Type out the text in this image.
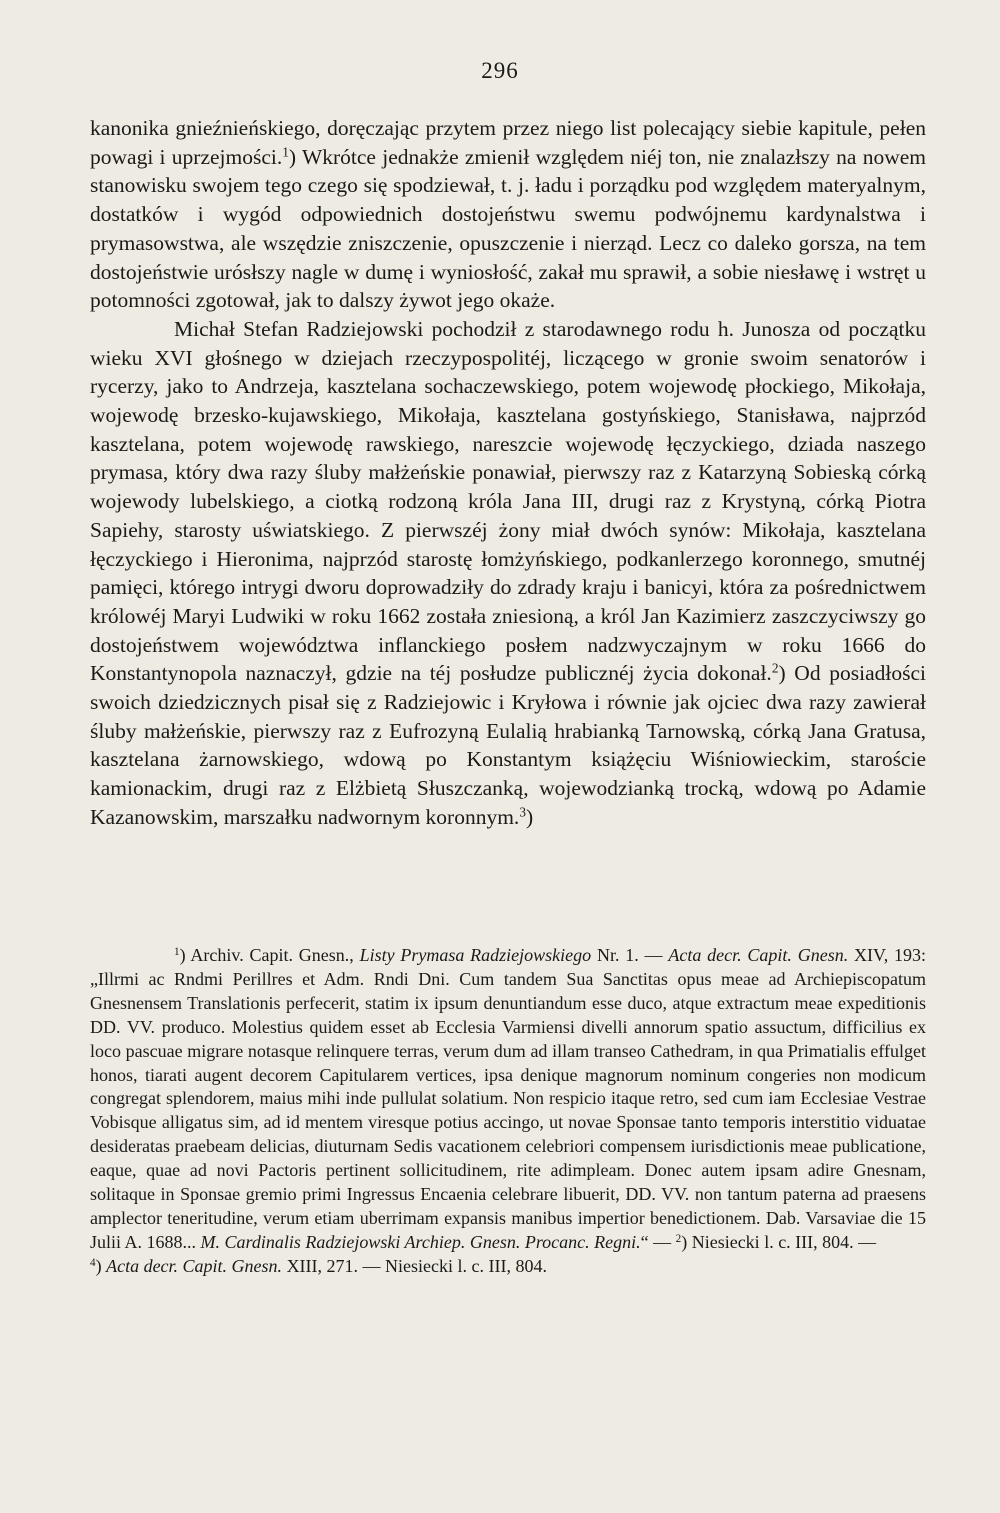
296

kanonika gnieźnieńskiego, doręczając przytem przez niego list polecający siebie kapitule, pełen powagi i uprzejmości.$^1$) Wkrótce jednakże zmienił względem niéj ton, nie znalazłszy na nowem stanowisku swojem tego czego się spodziewał, t. j. ładu i porządku pod względem materyalnym, dostatków i wygód odpowiednich dostojeństwu swemu podwójnemu kardynalstwa i prymasowstwa, ale wszędzie zniszczenie, opuszczenie i nierząd. Lecz co daleko gorsza, na tem dostojeństwie urósłszy nagle w dumę i wyniosłość, zakał mu sprawił, a sobie niesławę i wstręt u potomności zgotował, jak to dalszy żywot jego okaże.

Michał Stefan Radziejowski pochodził z starodawnego rodu h. Junosza od początku wieku XVI głośnego w dziejach rzeczypospolitéj, liczącego w gronie swoim senatorów i rycerzy, jako to Andrzeja, kasztelana sochaczewskiego, potem wojewodę płockiego, Mikołaja, wojewodę brzesko-kujawskiego, Mikołaja, kasztelana gostyńskiego, Stanisława, najprzód kasztelana, potem wojewodę rawskiego, nareszcie wojewodę łęczyckiego, dziada naszego prymasa, który dwa razy śluby małżeńskie ponawiał, pierwszy raz z Katarzyną Sobieską córką wojewody lubelskiego, a ciotką rodzoną króla Jana III, drugi raz z Krystyną, córką Piotra Sapiehy, starosty uświatskiego. Z pierwszéj żony miał dwóch synów: Mikołaja, kasztelana łęczyckiego i Hieronima, najprzód starostę łomżyńskiego, podkanlerzego koronnego, smutnéj pamięci, którego intrygi dworu doprowadziły do zdrady kraju i banicyi, która za pośrednictwem królowéj Maryi Ludwiki w roku 1662 została zniesioną, a król Jan Kazimierz zaszczyciwszy go dostojeństwem województwa inflanckiego posłem nadzwyczajnym w roku 1666 do Konstantynopola naznaczył, gdzie na téj posłudze publicznéj życia dokonał.$^2$) Od posiadłości swoich dziedzicznych pisał się z Radziejowic i Kryłowa i równie jak ojciec dwa razy zawierał śluby małżeńskie, pierwszy raz z Eufrozyną Eulalią hrabianką Tarnowską, córką Jana Gratusa, kasztelana żarnowskiego, wdową po Konstantym książęciu Wiśniowieckim, staroście kamionackim, drugi raz z Elżbietą Słuszczanką, wojewodzianką trocką, wdową po Adamie Kazanowskim, marszałku nadwornym koronnym.$^3$)

$^1$) Archiv. Capit. Gnesn., Listy Prymasa Radziejowskiego Nr. 1. — Acta decr. Capit. Gnesn. XIV, 193: „Illrmi ac Rndmi Perillres et Adm. Rndi Dni. Cum tandem Sua Sanctitas opus meae ad Archiepiscopatum Gnesnensem Translationis perfecerit, statim ix ipsum denuntiandum esse duco, atque extractum meae expeditionis DD. VV. produco. Molestius quidem esset ab Ecclesia Varmiensi divelli annorum spatio assuctum, difficilius ex loco pascuae migrare notasque relinquere terras, verum dum ad illam transeo Cathedram, in qua Primatialis effulget honos, tiarati augent decorem Capitularem vertices, ipsa denique magnorum nominum congeries non modicum congregat splendorem, maius mihi inde pullulat solatium. Non respicio itaque retro, sed cum iam Ecclesiae Vestrae Vobisque alligatus sim, ad id mentem viresque potius accingo, ut novae Sponsae tanto temporis interstitio viduatae desideratas praebeam delicias, diuturnam Sedis vacationem celebriori compensem iurisdictionis meae publicatione, eaque, quae ad novi Pactoris pertinent sollicitudinem, rite adimpleam. Donec autem ipsam adire Gnesnam, solitaque in Sponsae gremio primi Ingressus Encaenia celebrare libuerit, DD. VV. non tantum paterna ad praesens amplector teneritudine, verum etiam uberrimam expansis manibus impertior benedictionem. Dab. Varsaviae die 15 Julii A. 1688... M. Cardinalis Radziejowski Archiep. Gnesn. Procanc. Regni.“ — $^2$) Niesiecki l. c. III, 804. —
$^4$) Acta decr. Capit. Gnesn. XIII, 271. — Niesiecki l. c. III, 804.
